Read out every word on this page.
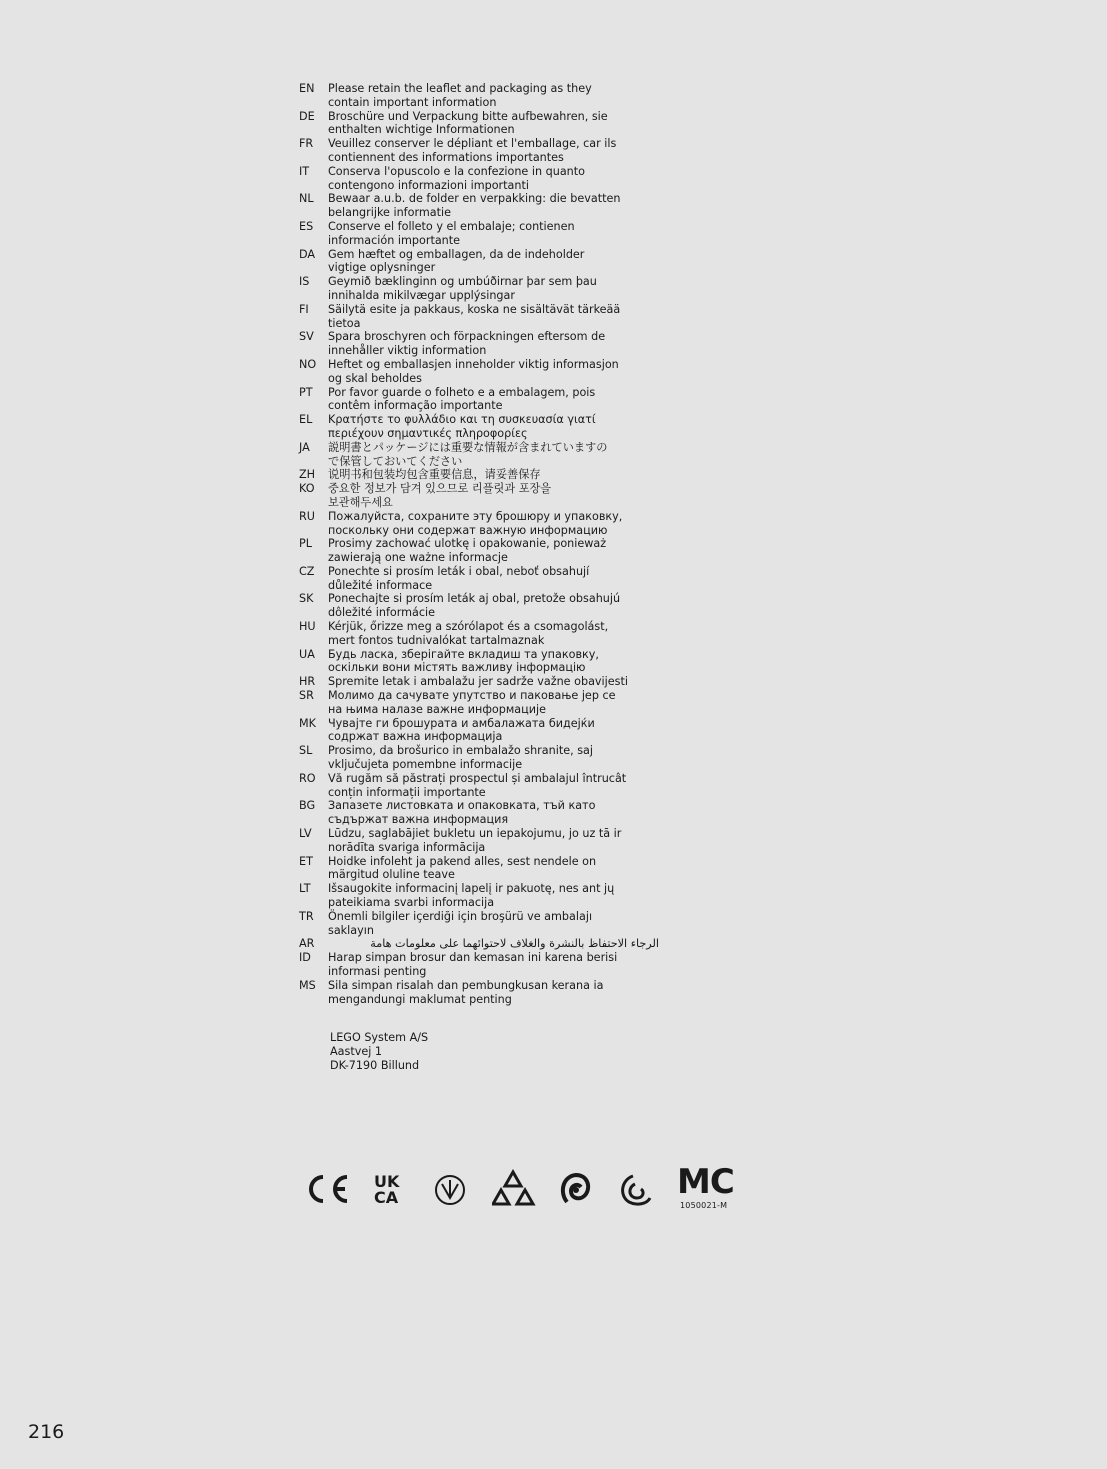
EN	Please retain the leaflet and packaging as they
contain important information
DE	Broschüre und Verpackung bitte aufbewahren, sie
enthalten wichtige Informationen
FR	Veuillez conserver le dépliant et l'emballage, car ils
contiennent des informations importantes
IT	Conserva l'opuscolo e la confezione in quanto
contengono informazioni importanti
NL	Bewaar a.u.b. de folder en verpakking: die bevatten
belangrijke informatie
ES	Conserve el folleto y el embalaje; contienen
información importante
DA	Gem hæftet og emballagen, da de indeholder
vigtige oplysninger
IS	Geymið bæklinginn og umbúðirnar þar sem þau
innihalda mikilvægar upplýsingar
FI	Säilytä esite ja pakkaus, koska ne sisältävät tärkeää
tietoa
SV	Spara broschyren och förpackningen eftersom de
innehåller viktig information
NO	Heftet og emballasjen inneholder viktig informasjon
og skal beholdes
PT	Por favor guarde o folheto e a embalagem, pois
contêm informação importante
EL	Κρατήστε το φυλλάδιο και τη συσκευασία γιατί
περιέχουν σημαντικές πληροφορίες
JA	説明書とパッケージには重要な情報が含まれていますの
で保管しておいてください
ZH	说明书和包装均包含重要信息，请妥善保存
KO	중요한 정보가 담겨 있으므로 리플릿과 포장을
보관해두세요
RU	Пожалуйста, сохраните эту брошюру и упаковку,
поскольку они содержат важную информацию
PL	Prosimy zachować ulotkę i opakowanie, ponieważ
zawierają one ważne informacje
CZ	Ponechte si prosím leták i obal, neboť obsahují
důležité informace
SK	Ponechajte si prosím leták aj obal, pretože obsahujú
dôležité informácie
HU	Kérjük, őrizze meg a szórólapot és a csomagolást,
mert fontos tudnivalókat tartalmaznak
UA	Будь ласка, зберігайте вкладиш та упаковку,
оскільки вони містять важливу інформацію
HR	Spremite letak i ambalažu jer sadrže važne obavijesti
SR	Молимо да сачувате упутство и паковање јер се
на њима налазе важне информације
MK	Чувајте ги брошурата и амбалажата бидејќи
содржат важна информација
SL	Prosimo, da brošurico in embalažo shranite, saj
vključujeta pomembne informacije
RO	Vă rugăm să păstrați prospectul și ambalajul întrucât
conțin informații importante
BG	Запазете листовката и опаковката, тъй като
съдържат важна информация
LV	Lūdzu, saglabājiet bukletu un iepakojumu, jo uz tā ir
norādīta svariga informācija
ET	Hoidke infoleht ja pakend alles, sest nendele on
märgitud oluline teave
LT	Išsaugokite informacinį lapelį ir pakuotę, nes ant jų
pateikiama svarbi informacija
TR	Önemli bilgiler içerdiği için broşürü ve ambalajı
saklayın
AR	الرجاء الاحتفاظ بالنشرة والغلاف لاحتوائهما على معلومات هامة
ID	Harap simpan brosur dan kemasan ini karena berisi
informasi penting
MS	Sila simpan risalah dan pembungkusan kerana ia
mengandungi maklumat penting
LEGO System A/S
Aastvej 1
DK-7190 Billund
UK
CA	MC
1050021-M
216
